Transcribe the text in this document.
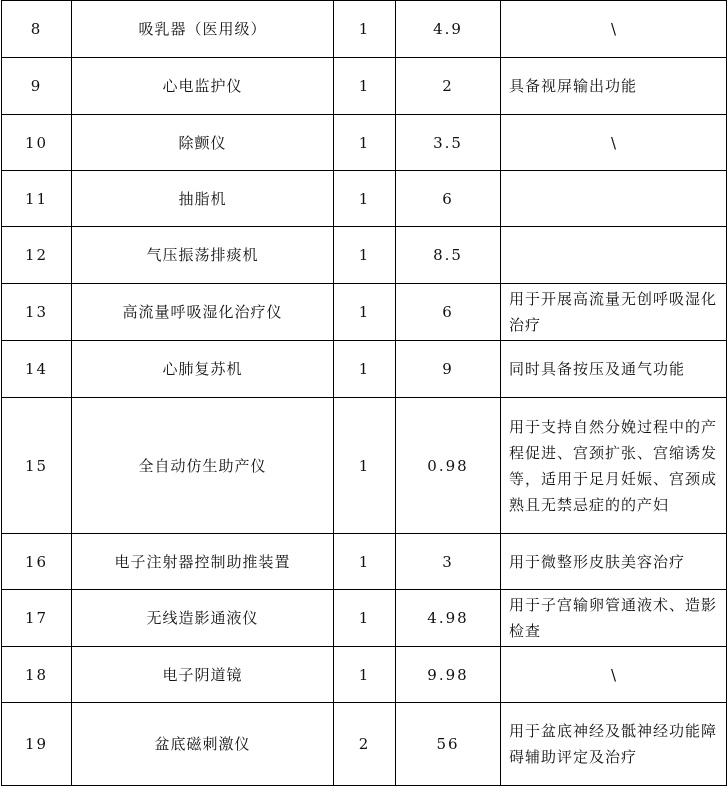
8	吸乳器（医用级）	1	4.9	\
9	心电监护仪	1	2	具备视屏输出功能
10	除颤仪	1	3.5	\
11	抽脂机	1	6	
12	气压振荡排痰机	1	8.5	
13	高流量呼吸湿化治疗仪	1	6	用于开展高流量无创呼吸湿化治疗
14	心肺复苏机	1	9	同时具备按压及通气功能
15	全自动仿生助产仪	1	0.98	用于支持自然分娩过程中的产程促进、宫颈扩张、宫缩诱发等，适用于足月妊娠、宫颈成熟且无禁忌症的的产妇
16	电子注射器控制助推装置	1	3	用于微整形皮肤美容治疗
17	无线造影通液仪	1	4.98	用于子宫输卵管通液术、造影检查
18	电子阴道镜	1	9.98	\
19	盆底磁刺激仪	2	56	用于盆底神经及骶神经功能障碍辅助评定及治疗
